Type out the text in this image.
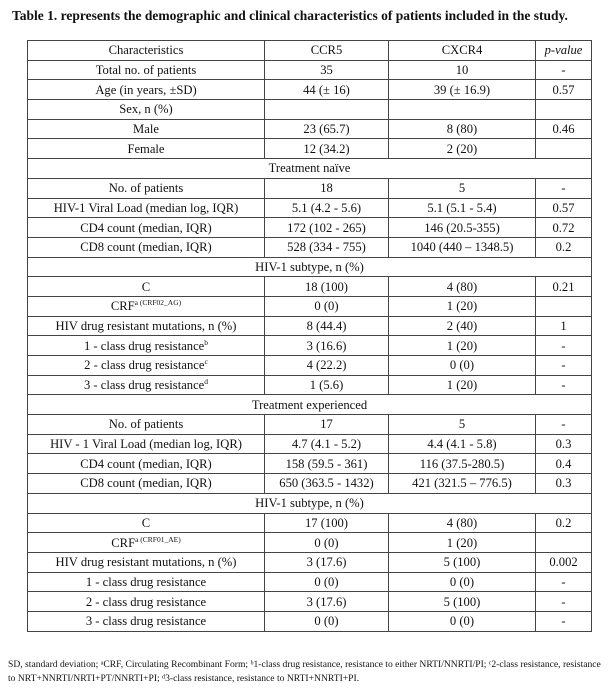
Table 1. represents the demographic and clinical characteristics of patients included in the study.
Characteristics	CCR5	CXCR4	p-value
Total no. of patients	35	10	-
Age (in years, ±SD)	44 (± 16)	39 (± 16.9)	0.57
Sex, n (%)			
Male	23 (65.7)	8 (80)	0.46
Female	12 (34.2)	2 (20)	
Treatment naïve			
No. of patients	18	5	-
HIV-1 Viral Load (median log, IQR)	5.1 (4.2 - 5.6)	5.1 (5.1 - 5.4)	0.57
CD4 count (median, IQR)	172 (102 - 265)	146 (20.5-355)	0.72
CD8 count (median, IQR)	528 (334 - 755)	1040 (440 – 1348.5)	0.2
HIV-1 subtype, n (%)			
C	18 (100)	4 (80)	0.21
$CRF^{a (CRF02\_AG)}$	0 (0)	1 (20)	
HIV drug resistant mutations, n (%)	8 (44.4)	2 (40)	1
1 - class drug resistance$^b$	3 (16.6)	1 (20)	-
2 - class drug resistance$^c$	4 (22.2)	0 (0)	-
3 - class drug resistance$^d$	1 (5.6)	1 (20)	-
Treatment experienced			
No. of patients	17	5	-
HIV - 1 Viral Load (median log, IQR)	4.7 (4.1 - 5.2)	4.4 (4.1 - 5.8)	0.3
CD4 count (median, IQR)	158 (59.5 - 361)	116 (37.5-280.5)	0.4
CD8 count (median, IQR)	650 (363.5 - 1432)	421 (321.5 – 776.5)	0.3
HIV-1 subtype, n (%)			
C	17 (100)	4 (80)	0.2
$CRF^{a (CRF01\_AE)}$	0 (0)	1 (20)	
HIV drug resistant mutations, n (%)	3 (17.6)	5 (100)	0.002
1 - class drug resistance	0 (0)	0 (0)	-
2 - class drug resistance	3 (17.6)	5 (100)	-
3 - class drug resistance	0 (0)	0 (0)	-
SD, standard deviation; ᵃCRF, Circulating Recombinant Form; ᵇ1-class drug resistance, resistance to either NRTI/NNRTI/PI; ᶜ2-class resistance, resistance to NRT+NNRTI/NRTI+PT/NNRTI+PI; ᵈ3-class resistance, resistance to NRTI+NNRTI+PI.
